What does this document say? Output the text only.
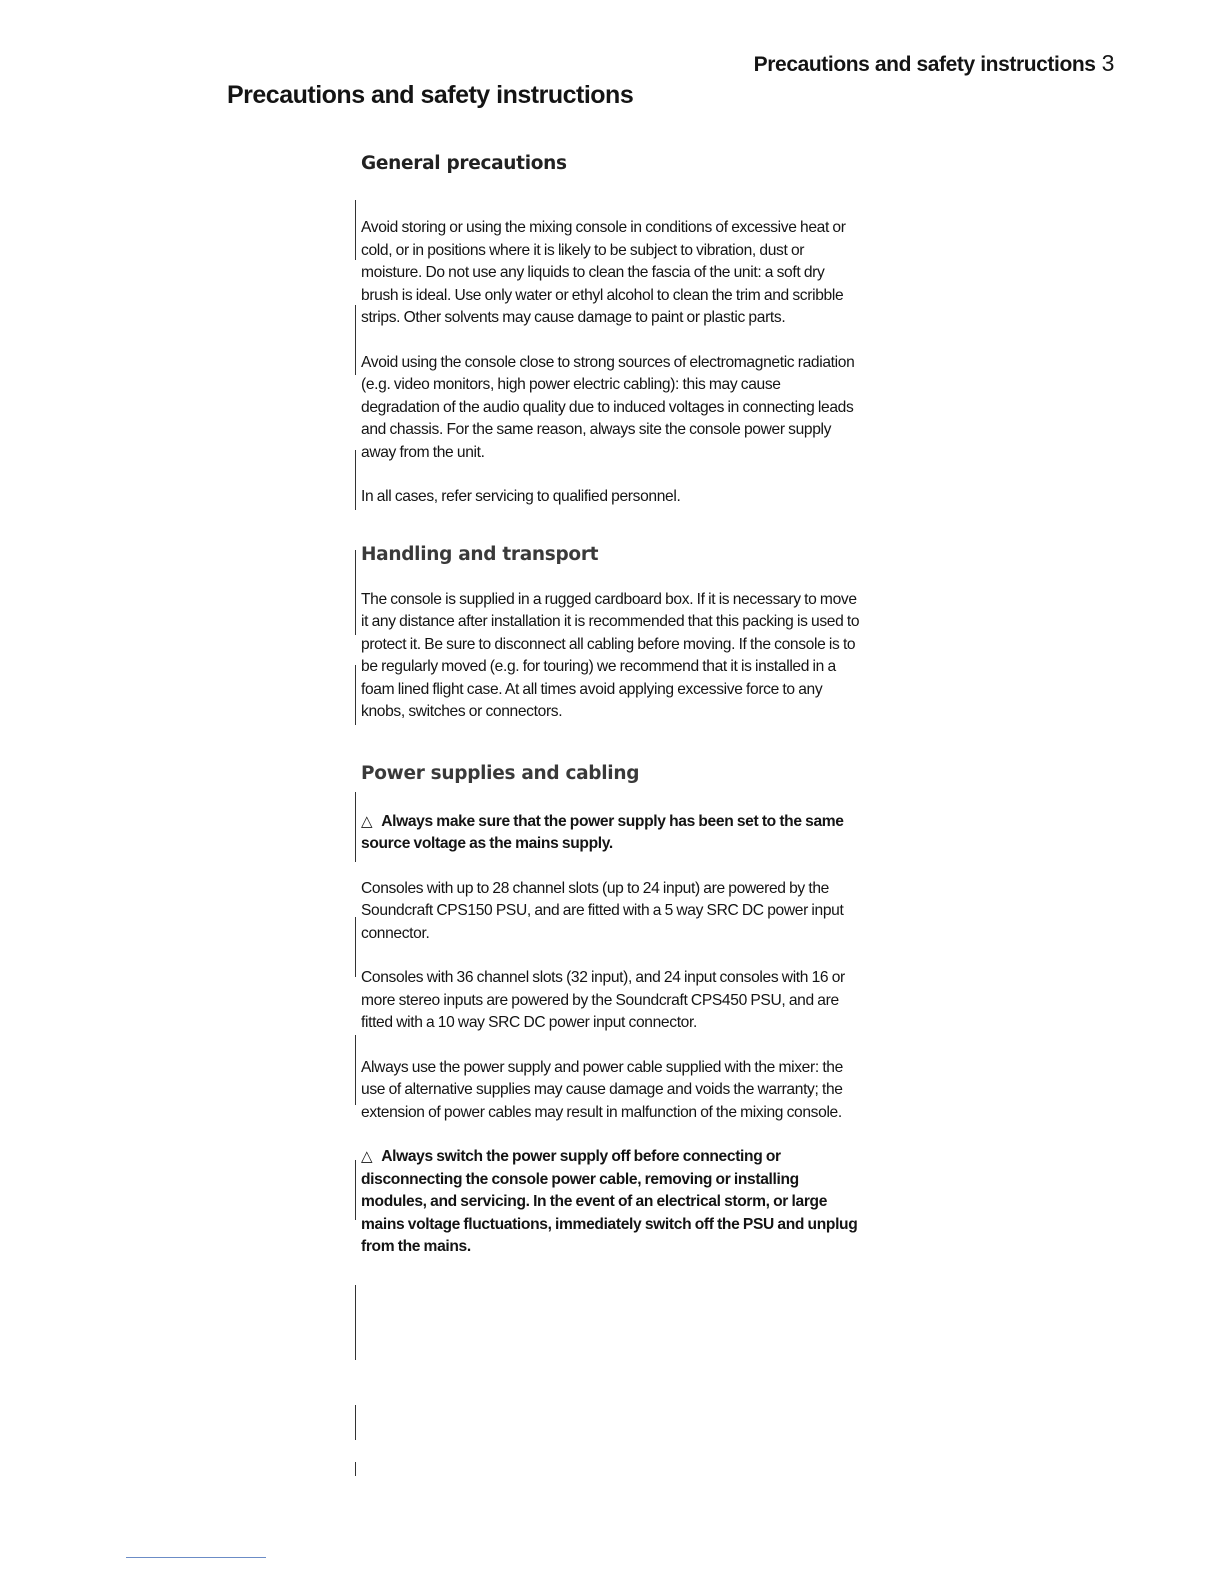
Precautions and safety instructions 3
Precautions and safety instructions
General precautions

Avoid storing or using the mixing console in conditions of excessive heat or cold, or in positions where it is likely to be subject to vibration, dust or moisture. Do not use any liquids to clean the fascia of the unit: a soft dry brush is ideal. Use only water or ethyl alcohol to clean the trim and scribble strips. Other solvents may cause damage to paint or plastic parts.

Avoid using the console close to strong sources of electromagnetic radiation (e.g. video monitors, high power electric cabling): this may cause degradation of the audio quality due to induced voltages in connecting leads and chassis. For the same reason, always site the console power supply away from the unit.

In all cases, refer servicing to qualified personnel.

Handling and transport

The console is supplied in a rugged cardboard box. If it is necessary to move it any distance after installation it is recommended that this packing is used to protect it. Be sure to disconnect all cabling before moving. If the console is to be regularly moved (e.g. for touring) we recommend that it is installed in a foam lined flight case. At all times avoid applying excessive force to any knobs, switches or connectors.

Power supplies and cabling

△ Always make sure that the power supply has been set to the same source voltage as the mains supply.

Consoles with up to 28 channel slots (up to 24 input) are powered by the Soundcraft CPS150 PSU, and are fitted with a 5 way SRC DC power input connector.

Consoles with 36 channel slots (32 input), and 24 input consoles with 16 or more stereo inputs are powered by the Soundcraft CPS450 PSU, and are fitted with a 10 way SRC DC power input connector.

Always use the power supply and power cable supplied with the mixer: the use of alternative supplies may cause damage and voids the warranty; the extension of power cables may result in malfunction of the mixing console.

△ Always switch the power supply off before connecting or disconnecting the console power cable, removing or installing modules, and servicing. In the event of an electrical storm, or large mains voltage fluctuations, immediately switch off the PSU and unplug from the mains.
